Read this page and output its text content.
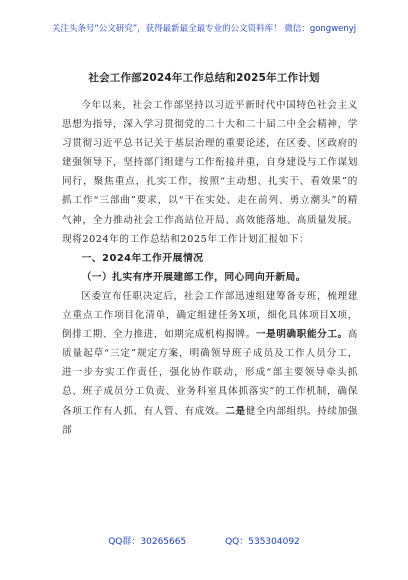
关注头条号“公文研究”，获得最新最全最专业的公文资料库！ 微信：gongwenyj
社会工作部2024年工作总结和2025年工作计划

今年以来，社会工作部坚持以习近平新时代中国特色社会主义思想为指导，深入学习贯彻党的二十大和二十届二中全会精神，学习贯彻习近平总书记关于基层治理的重要论述，在区委、区政府的建强领导下，坚持部门组建与工作衔接并重，自身建设与工作谋划同行，聚焦重点，扎实工作，按照“主动想、扎实干、看效果”的抓工作“三部曲”要求，以“干在实处、走在前列、勇立潮头”的精气神，全力推动社会工作高站位开局、高效能落地、高质量发展。现将2024年的工作总结和2025年工作计划汇报如下：

一、2024年工作开展情况
（一）扎实有序开展建部工作，同心同向开新局。

区委宣布任职决定后，社会工作部迅速组建筹备专班，梳理建立重点工作项目化清单，确定组建任务X项，细化具体项目X项，倒排工期、全力推进，如期完成机构揭牌。一是明确职能分工。高质量起草“三定”规定方案，明确领导班子成员及工作人员分工，进一步夯实工作责任，强化协作联动，形成“部主要领导牵头抓总、班子成员分工负责、业务科室具体抓落实”的工作机制，确保各项工作有人抓、有人管、有成效。二是健全内部组织。持续加强部

QQ群：30265665	QQ：535304092
